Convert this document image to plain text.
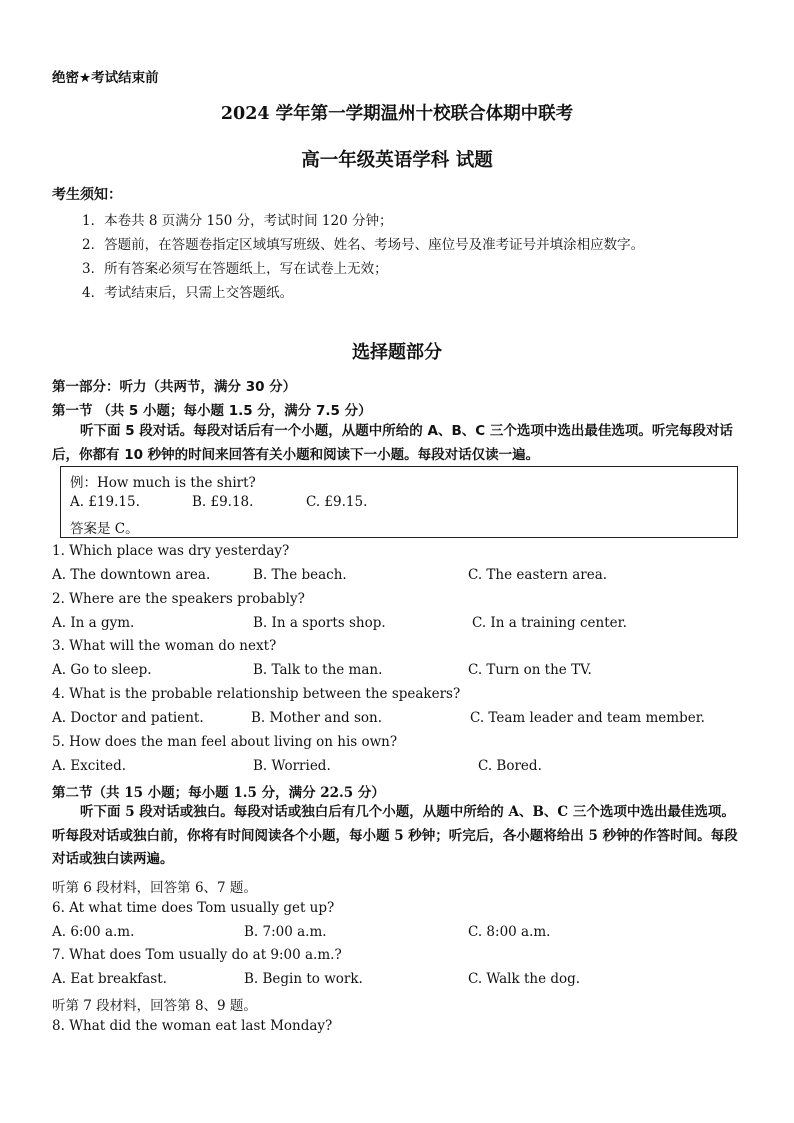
绝密★考试结束前
2024 学年第一学期温州十校联合体期中联考
高一年级英语学科 试题
考生须知：
1．本卷共 8 页满分 150 分，考试时间 120 分钟；
2．答题前，在答题卷指定区域填写班级、姓名、考场号、座位号及准考证号并填涂相应数字。
3．所有答案必须写在答题纸上，写在试卷上无效；
4．考试结束后，只需上交答题纸。
选择题部分
第一部分：听力（共两节，满分 30 分）
第一节 （共 5 小题；每小题 1.5 分，满分 7.5 分）
听下面 5 段对话。每段对话后有一个小题，从题中所给的 A、B、C 三个选项中选出最佳选项。听完每段对话后，你都有 10 秒钟的时间来回答有关小题和阅读下一小题。每段对话仅读一遍。
例：How much is the shirt?
A. £19.15.	B. £9.18.	C. £9.15.
答案是 C。
1. Which place was dry yesterday?
A. The downtown area.	B. The beach.	C. The eastern area.
2. Where are the speakers probably?
A. In a gym.	B. In a sports shop.	C. In a training center.
3. What will the woman do next?
A. Go to sleep.	B. Talk to the man.	C. Turn on the TV.
4. What is the probable relationship between the speakers?
A. Doctor and patient.	B. Mother and son.	C. Team leader and team member.
5. How does the man feel about living on his own?
A. Excited.	B. Worried.	C. Bored.
第二节（共 15 小题；每小题 1.5 分，满分 22.5 分）
听下面 5 段对话或独白。每段对话或独白后有几个小题，从题中所给的 A、B、C 三个选项中选出最佳选项。听每段对话或独白前，你将有时间阅读各个小题，每小题 5 秒钟；听完后，各小题将给出 5 秒钟的作答时间。每段对话或独白读两遍。
听第 6 段材料，回答第 6、7 题。
6. At what time does Tom usually get up?
A. 6:00 a.m.	B. 7:00 a.m.	C. 8:00 a.m.
7. What does Tom usually do at 9:00 a.m.?
A. Eat breakfast.	B. Begin to work.	C. Walk the dog.
听第 7 段材料，回答第 8、9 题。
8. What did the woman eat last Monday?
